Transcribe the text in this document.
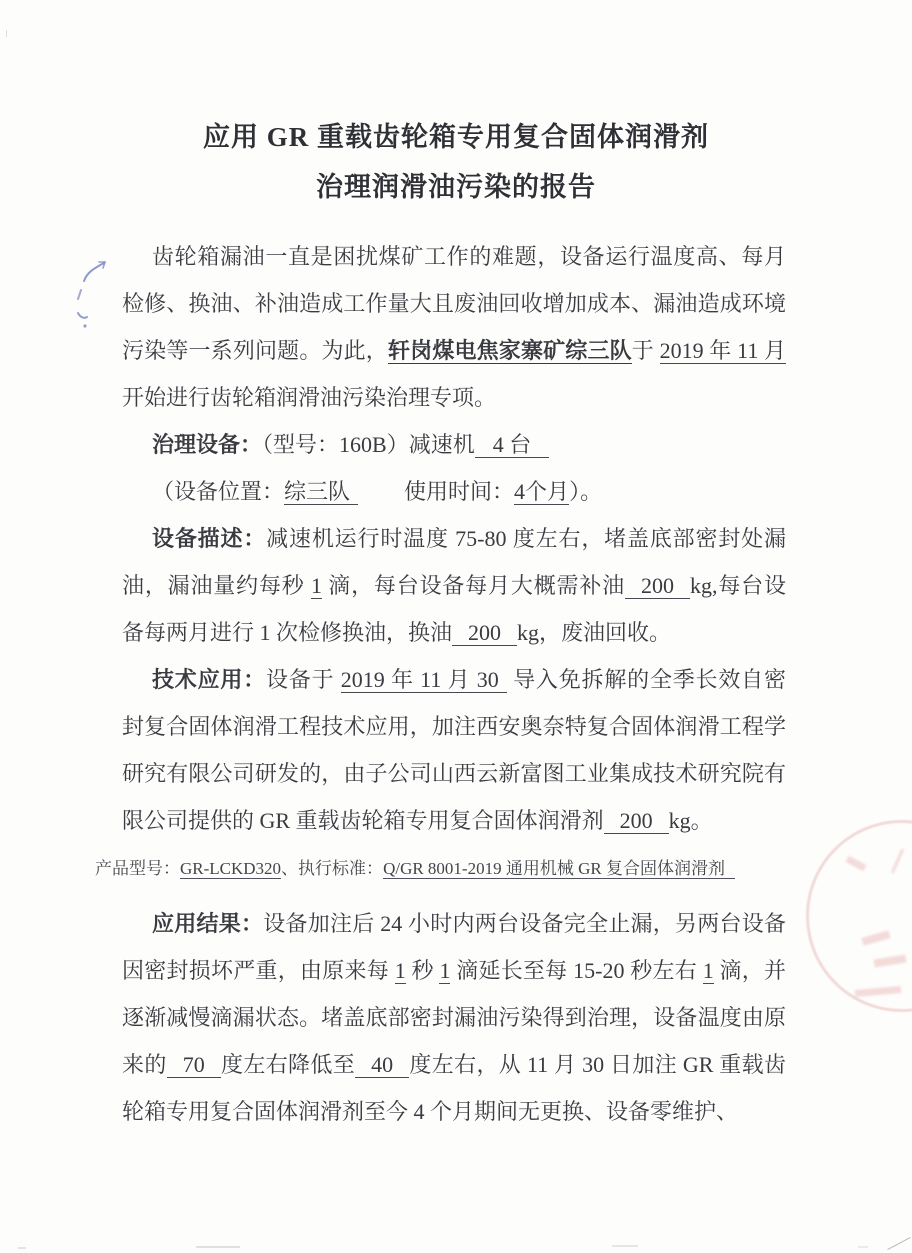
应用 GR 重载齿轮箱专用复合固体润滑剂
治理润滑油污染的报告

齿轮箱漏油一直是困扰煤矿工作的难题，设备运行温度高、每月检修、换油、补油造成工作量大且废油回收增加成本、漏油造成环境污染等一系列问题。为此，轩岗煤电焦家寨矿综三队于 2019 年 11 月开始进行齿轮箱润滑油污染治理专项。

治理设备：（型号：160B）减速机 4 台

（设备位置：综三队 使用时间：4个月）。

设备描述：减速机运行时温度 75-80 度左右，堵盖底部密封处漏油，漏油量约每秒 1 滴，每台设备每月大概需补油 200 kg,每台设备每两月进行 1 次检修换油，换油 200 kg，废油回收。

技术应用：设备于 2019 年 11 月 30 导入免拆解的全季长效自密封复合固体润滑工程技术应用，加注西安奥奈特复合固体润滑工程学研究有限公司研发的，由子公司山西云新富图工业集成技术研究院有限公司提供的 GR 重载齿轮箱专用复合固体润滑剂 200 kg。

产品型号：GR-LCKD320、执行标准：Q/GR 8001-2019 通用机械 GR 复合固体润滑剂

应用结果：设备加注后 24 小时内两台设备完全止漏，另两台设备因密封损坏严重，由原来每 1 秒 1 滴延长至每 15-20 秒左右 1 滴，并逐渐减慢滴漏状态。堵盖底部密封漏油污染得到治理，设备温度由原来的 70 度左右降低至 40 度左右，从 11 月 30 日加注 GR 重载齿轮箱专用复合固体润滑剂至今 4 个月期间无更换、设备零维护、
